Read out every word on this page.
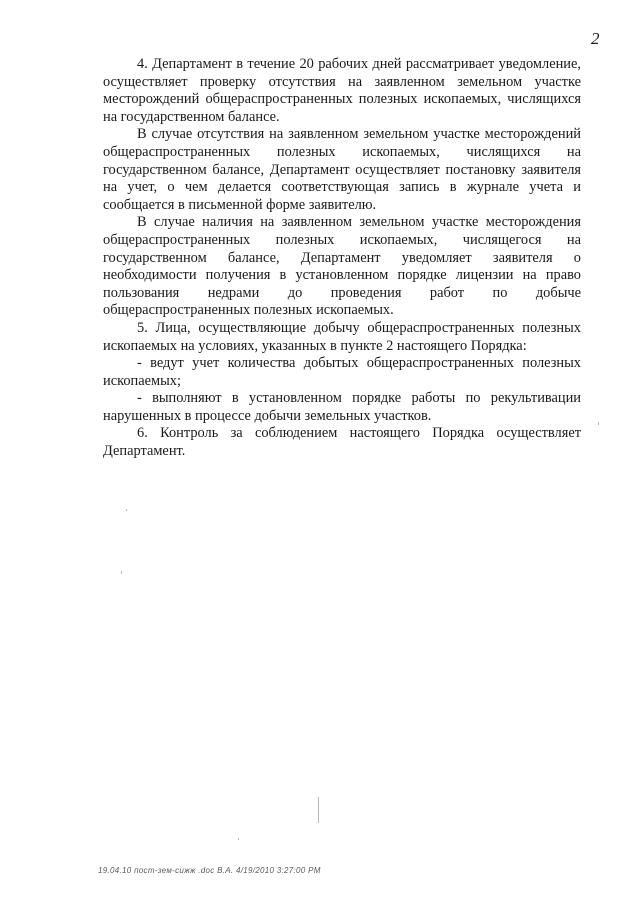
2

4. Департамент в течение 20 рабочих дней рассматривает уведомление, осуществляет проверку отсутствия на заявленном земельном участке месторождений общераспространенных полезных ископаемых, числящихся на государственном балансе.

В случае отсутствия на заявленном земельном участке месторождений общераспространенных полезных ископаемых, числящихся на государственном балансе, Департамент осуществляет постановку заявителя на учет, о чем делается соответствующая запись в журнале учета и сообщается в письменной форме заявителю.

В случае наличия на заявленном земельном участке месторождения общераспространенных полезных ископаемых, числящегося на государственном балансе, Департамент уведомляет заявителя о необходимости получения в установленном порядке лицензии на право пользования недрами до проведения работ по добыче общераспространенных полезных ископаемых.

5. Лица, осуществляющие добычу общераспространенных полезных ископаемых на условиях, указанных в пункте 2 настоящего Порядка:

- ведут учет количества добытых общераспространенных полезных ископаемых;

- выполняют в установленном порядке работы по рекультивации нарушенных в процессе добычи земельных участков.

6. Контроль за соблюдением настоящего Порядка осуществляет Департамент.

19.04.10 пост-зем-сижж .doc В.А. 4/19/2010 3:27:00 PM
